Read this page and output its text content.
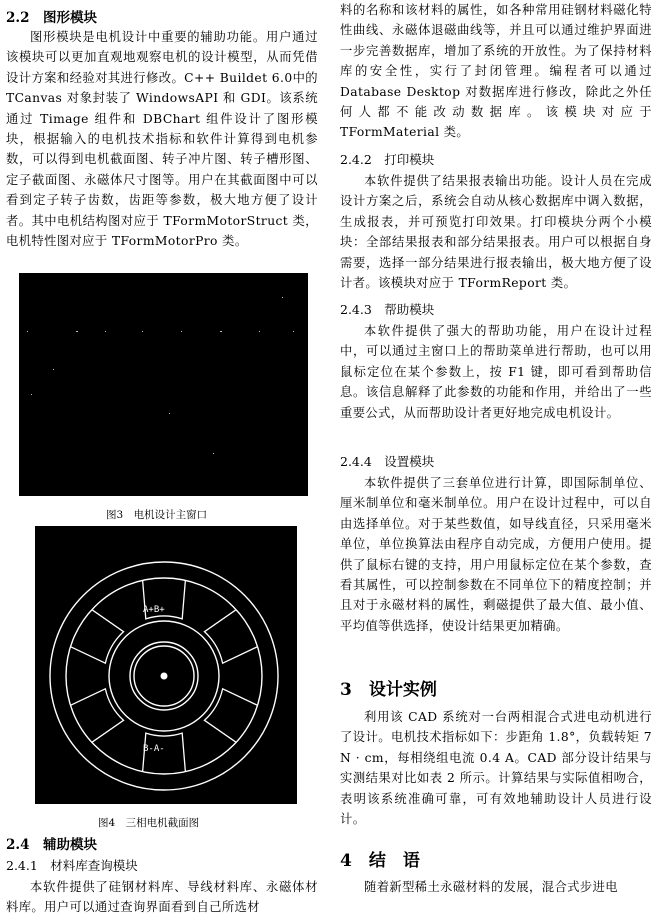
2.2　图形模块

图形模块是电机设计中重要的辅助功能。用户通过该模块可以更加直观地观察电机的设计模型，从而凭借设计方案和经验对其进行修改。C++ Buildet 6.0中的 TCanvas 对象封装了 WindowsAPI 和 GDI。该系统通过 Timage 组件和 DBChart 组件设计了图形模块，根据输入的电机技术指标和软件计算得到电机参数，可以得到电机截面图、转子冲片图、转子槽形图、定子截面图、永磁体尺寸图等。用户在其截面图中可以看到定子转子齿数，齿距等参数，极大地方便了设计者。其中电机结构图对应于 TFormMotorStruct 类，电机特性图对应于 TFormMotorPro 类。

图3　电机设计主窗口
A+B+
B-A-
图4　三相电机截面图
2.4　辅助模块
2.4.1　材料库查询模块

本软件提供了硅钢材料库、导线材料库、永磁体材料库。用户可以通过查询界面看到自己所选材

料的名称和该材料的属性，如各种常用硅钢材料磁化特性曲线、永磁体退磁曲线等，并且可以通过维护界面进一步完善数据库，增加了系统的开放性。为了保持材料库的安全性，实行了封闭管理。编程者可以通过 Database Desktop 对数据库进行修改，除此之外任何人都不能改动数据库。该模块对应于 TFormMaterial 类。

2.4.2　打印模块

本软件提供了结果报表输出功能。设计人员在完成设计方案之后，系统会自动从核心数据库中调入数据，生成报表，并可预览打印效果。打印模块分两个小模块：全部结果报表和部分结果报表。用户可以根据自身需要，选择一部分结果进行报表输出，极大地方便了设计者。该模块对应于 TFormReport 类。

2.4.3　帮助模块

本软件提供了强大的帮助功能，用户在设计过程中，可以通过主窗口上的帮助菜单进行帮助，也可以用鼠标定位在某个参数上，按 F1 键，即可看到帮助信息。该信息解释了此参数的功能和作用，并给出了一些重要公式，从而帮助设计者更好地完成电机设计。

2.4.4　设置模块

本软件提供了三套单位进行计算，即国际制单位、厘米制单位和毫米制单位。用户在设计过程中，可以自由选择单位。对于某些数值，如导线直径，只采用毫米单位，单位换算法由程序自动完成，方便用户使用。提供了鼠标右键的支持，用户用鼠标定位在某个参数，查看其属性，可以控制参数在不同单位下的精度控制；并且对于永磁材料的属性，剩磁提供了最大值、最小值、平均值等供选择，使设计结果更加精确。

3　设计实例

利用该 CAD 系统对一台两相混合式进电动机进行了设计。电机技术指标如下：步距角 1.8°，负载转矩 7 N · cm，每相绕组电流 0.4 A。CAD 部分设计结果与实测结果对比如表 2 所示。计算结果与实际值相吻合，表明该系统准确可靠，可有效地辅助设计人员进行设计。

4　结　语

随着新型稀土永磁材料的发展，混合式步进电
